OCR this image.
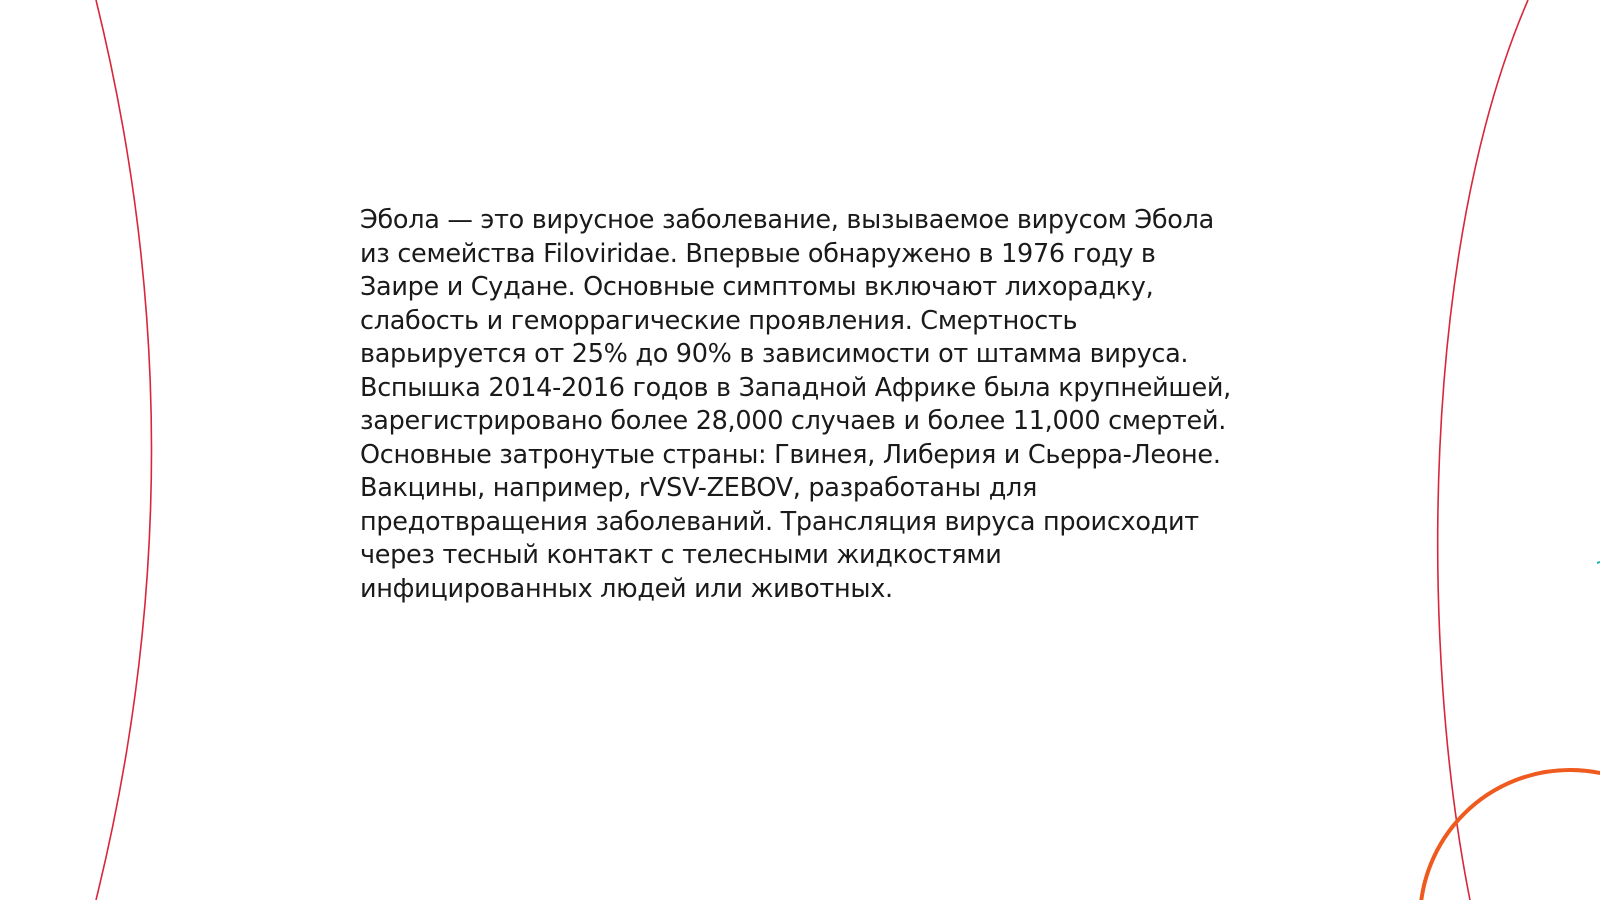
Эбола — это вирусное заболевание, вызываемое вирусом Эбола из семейства Filoviridae. Впервые обнаружено в 1976 году в Заире и Судане. Основные симптомы включают лихорадку, слабость и геморрагические проявления. Смертность варьируется от 25% до 90% в зависимости от штамма вируса. Вспышка 2014-2016 годов в Западной Африке была крупнейшей, зарегистрировано более 28,000 случаев и более 11,000 смертей. Основные затронутые страны: Гвинея, Либерия и Сьерра-Леоне. Вакцины, например, rVSV-ZEBOV, разработаны для предотвращения заболеваний. Трансляция вируса происходит через тесный контакт с телесными жидкостями инфицированных людей или животных.
